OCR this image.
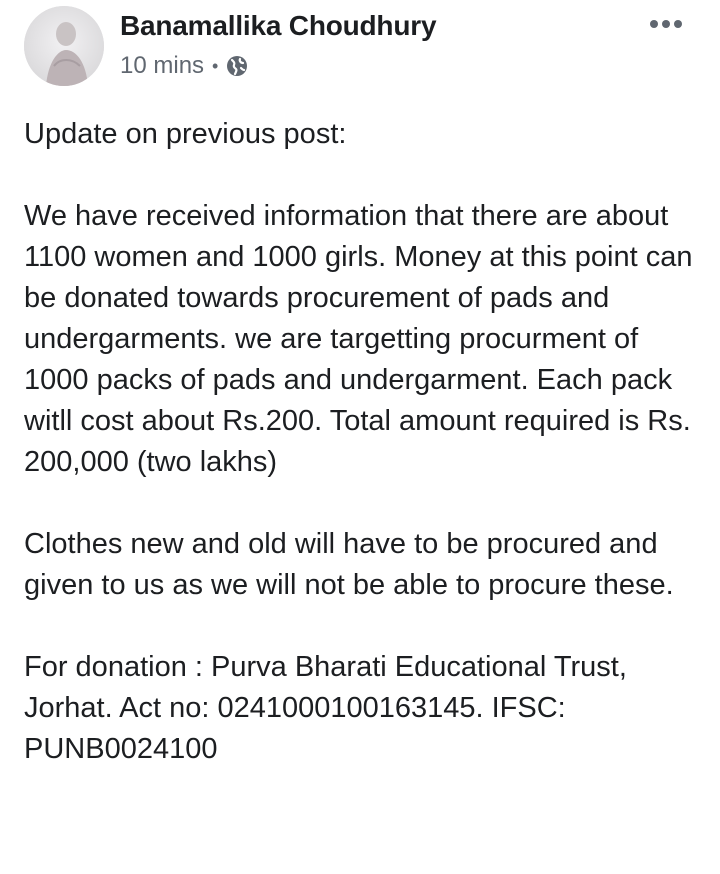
Banamallika Choudhury
10 mins •

Update on previous post:

We have received information that there are about 1100 women and 1000 girls. Money at this point can be donated towards procurement of pads and undergarments. we are targetting procurment of 1000 packs of pads and undergarment. Each pack witll cost about Rs.200. Total amount required is Rs. 200,000 (two lakhs)

Clothes new and old will have to be procured and given to us as we will not be able to procure these.

For donation : Purva Bharati Educational Trust, Jorhat. Act no: 0241000100163145. IFSC: PUNB0024100
